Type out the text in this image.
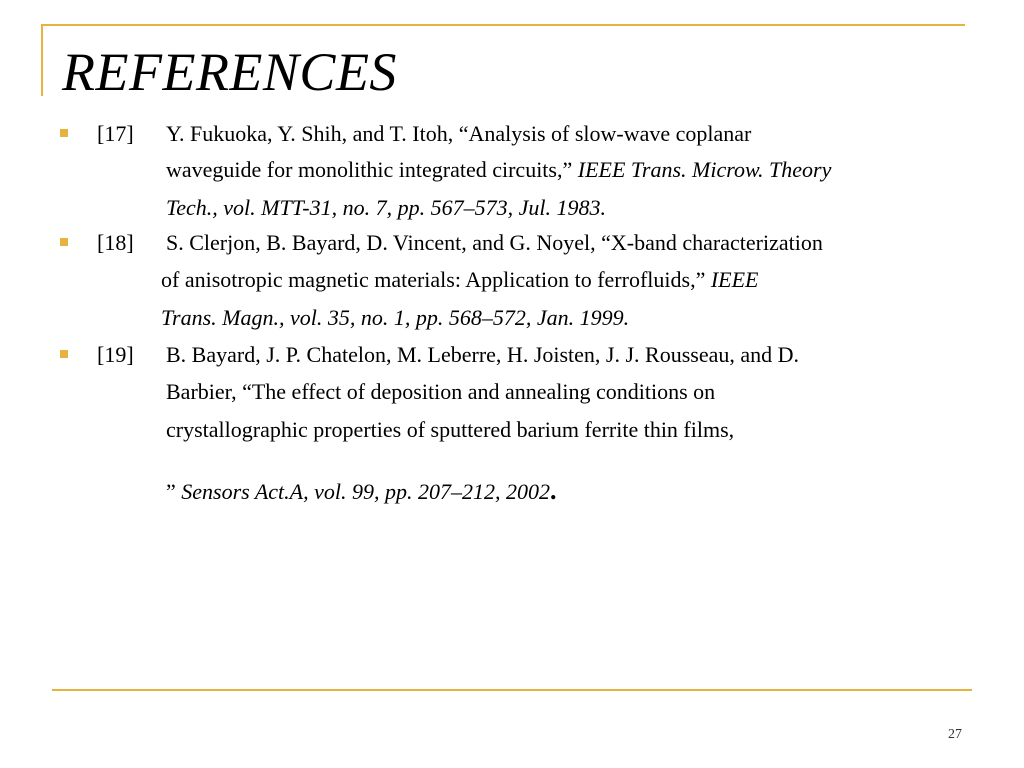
REFERENCES
[17] Y. Fukuoka, Y. Shih, and T. Itoh, “Analysis of slow-wave coplanar
waveguide for monolithic integrated circuits,” IEEE Trans. Microw. Theory
Tech., vol. MTT-31, no. 7, pp. 567–573, Jul. 1983.
[18] S. Clerjon, B. Bayard, D. Vincent, and G. Noyel, “X-band characterization
of anisotropic magnetic materials: Application to ferrofluids,” IEEE
Trans. Magn., vol. 35, no. 1, pp. 568–572, Jan. 1999.
[19] B. Bayard, J. P. Chatelon, M. Leberre, H. Joisten, J. J. Rousseau, and D.
Barbier, “The effect of deposition and annealing conditions on
crystallographic properties of sputtered barium ferrite thin films,
” Sensors Act.A, vol. 99, pp. 207–212, 2002.
27
